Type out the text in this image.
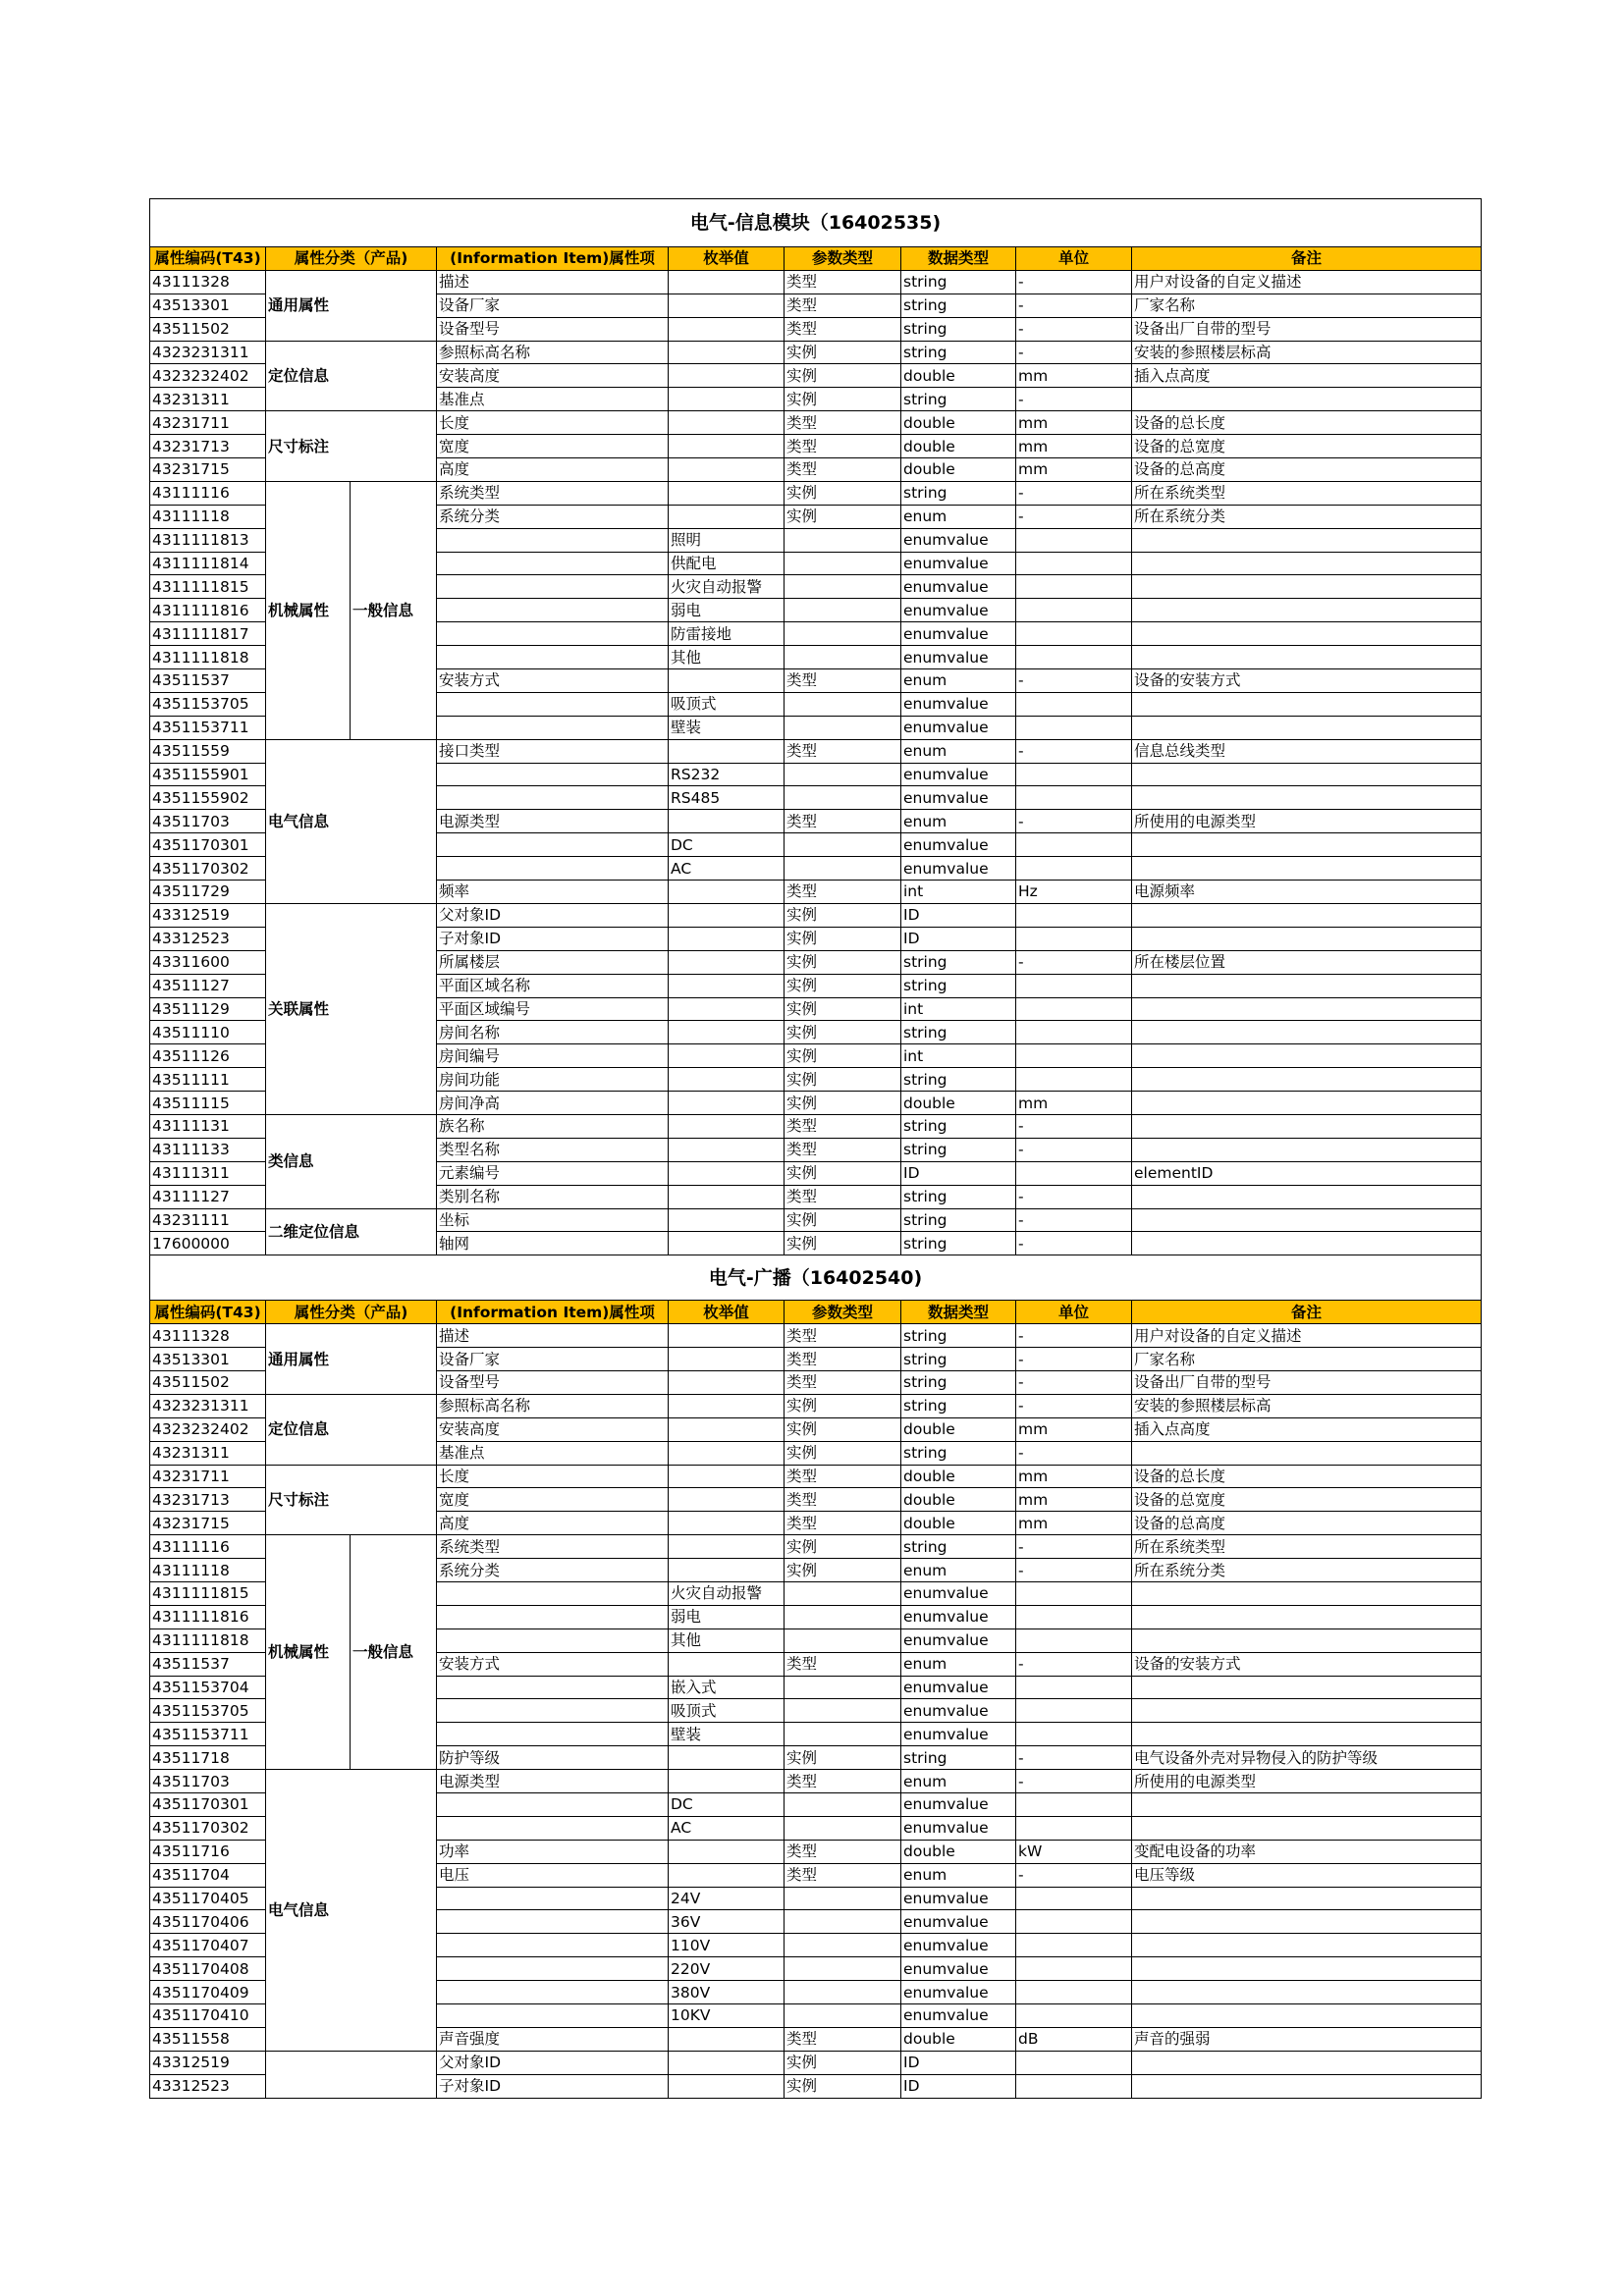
电气-信息模块（16402535)								
属性编码(T43)	属性分类（产品)		(Information Item)属性项	枚举值	参数类型	数据类型	单位	备注
43111328	通用属性		描述		类型	string	-	用户对设备的自定义描述
43513301			设备厂家		类型	string	-	厂家名称
43511502			设备型号		类型	string	-	设备出厂自带的型号
4323231311	定位信息		参照标高名称		实例	string	-	安装的参照楼层标高
4323232402			安装高度		实例	double	mm	插入点高度
43231311			基准点		实例	string	-	
43231711	尺寸标注		长度		类型	double	mm	设备的总长度
43231713			宽度		类型	double	mm	设备的总宽度
43231715			高度		类型	double	mm	设备的总高度
43111116	机械属性	一般信息	系统类型		实例	string	-	所在系统类型
43111118			系统分类		实例	enum	-	所在系统分类
4311111813				照明		enumvalue		
4311111814				供配电		enumvalue		
4311111815				火灾自动报警		enumvalue		
4311111816				弱电		enumvalue		
4311111817				防雷接地		enumvalue		
4311111818				其他		enumvalue		
43511537			安装方式		类型	enum	-	设备的安装方式
4351153705				吸顶式		enumvalue		
4351153711				壁装		enumvalue		
43511559	电气信息		接口类型		类型	enum	-	信息总线类型
4351155901				RS232		enumvalue		
4351155902				RS485		enumvalue		
43511703			电源类型		类型	enum	-	所使用的电源类型
4351170301				DC		enumvalue		
4351170302				AC		enumvalue		
43511729			频率		类型	int	Hz	电源频率
43312519	关联属性		父对象ID		实例	ID		
43312523			子对象ID		实例	ID		
43311600			所属楼层		实例	string	-	所在楼层位置
43511127			平面区域名称		实例	string		
43511129			平面区域编号		实例	int		
43511110			房间名称		实例	string		
43511126			房间编号		实例	int		
43511111			房间功能		实例	string		
43511115			房间净高		实例	double	mm	
43111131	类信息		族名称		类型	string	-	
43111133			类型名称		类型	string	-	
43111311			元素编号		实例	ID		elementID
43111127			类别名称		类型	string	-	
43231111	二维定位信息		坐标		实例	string	-	
17600000			轴网		实例	string	-	
电气-广播（16402540)								
属性编码(T43)	属性分类（产品)		(Information Item)属性项	枚举值	参数类型	数据类型	单位	备注
43111328	通用属性		描述		类型	string	-	用户对设备的自定义描述
43513301			设备厂家		类型	string	-	厂家名称
43511502			设备型号		类型	string	-	设备出厂自带的型号
4323231311	定位信息		参照标高名称		实例	string	-	安装的参照楼层标高
4323232402			安装高度		实例	double	mm	插入点高度
43231311			基准点		实例	string	-	
43231711	尺寸标注		长度		类型	double	mm	设备的总长度
43231713			宽度		类型	double	mm	设备的总宽度
43231715			高度		类型	double	mm	设备的总高度
43111116	机械属性	一般信息	系统类型		实例	string	-	所在系统类型
43111118			系统分类		实例	enum	-	所在系统分类
4311111815				火灾自动报警		enumvalue		
4311111816				弱电		enumvalue		
4311111818				其他		enumvalue		
43511537			安装方式		类型	enum	-	设备的安装方式
4351153704				嵌入式		enumvalue		
4351153705				吸顶式		enumvalue		
4351153711				壁装		enumvalue		
43511718			防护等级		实例	string	-	电气设备外壳对异物侵入的防护等级
43511703	电气信息		电源类型		类型	enum	-	所使用的电源类型
4351170301				DC		enumvalue		
4351170302				AC		enumvalue		
43511716			功率		类型	double	kW	变配电设备的功率
43511704			电压		类型	enum	-	电压等级
4351170405				24V		enumvalue		
4351170406				36V		enumvalue		
4351170407				110V		enumvalue		
4351170408				220V		enumvalue		
4351170409				380V		enumvalue		
4351170410				10KV		enumvalue		
43511558			声音强度		类型	double	dB	声音的强弱
43312519			父对象ID		实例	ID		
43312523			子对象ID		实例	ID		
